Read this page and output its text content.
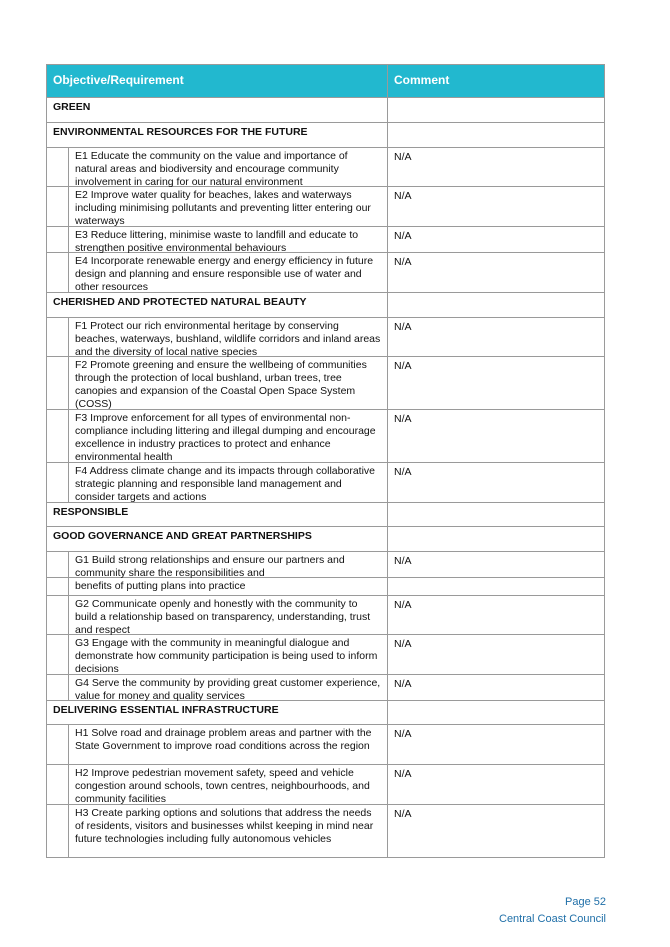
Objective/Requirement	Comment
GREEN
ENVIRONMENTAL RESOURCES FOR THE FUTURE
E1 Educate the community on the value and importance of natural areas and biodiversity and encourage community involvement in caring for our natural environment
N/A
E2 Improve water quality for beaches, lakes and waterways including minimising pollutants and preventing litter entering our waterways
N/A
E3 Reduce littering, minimise waste to landfill and educate to strengthen positive environmental behaviours
N/A
E4 Incorporate renewable energy and energy efficiency in future design and planning and ensure responsible use of water and other resources
N/A
CHERISHED AND PROTECTED NATURAL BEAUTY
F1 Protect our rich environmental heritage by conserving beaches, waterways, bushland, wildlife corridors and inland areas and the diversity of local native species
N/A
F2 Promote greening and ensure the wellbeing of communities through the protection of local bushland, urban trees, tree canopies and expansion of the Coastal Open Space System (COSS)
N/A
F3 Improve enforcement for all types of environmental non-compliance including littering and illegal dumping and encourage excellence in industry practices to protect and enhance environmental health
N/A
F4 Address climate change and its impacts through collaborative strategic planning and responsible land management and consider targets and actions
N/A
RESPONSIBLE
GOOD GOVERNANCE AND GREAT PARTNERSHIPS
G1 Build strong relationships and ensure our partners and community share the responsibilities and
N/A
benefits of putting plans into practice
G2 Communicate openly and honestly with the community to build a relationship based on transparency, understanding, trust and respect
N/A
G3 Engage with the community in meaningful dialogue and demonstrate how community participation is being used to inform decisions
N/A
G4 Serve the community by providing great customer experience, value for money and quality services
N/A
DELIVERING ESSENTIAL INFRASTRUCTURE
H1 Solve road and drainage problem areas and partner with the State Government to improve road conditions across the region
N/A
H2 Improve pedestrian movement safety, speed and vehicle congestion around schools, town centres, neighbourhoods, and community facilities
N/A
H3 Create parking options and solutions that address the needs of residents, visitors and businesses whilst keeping in mind near future technologies including fully autonomous vehicles
N/A
Page 52
Central Coast Council
